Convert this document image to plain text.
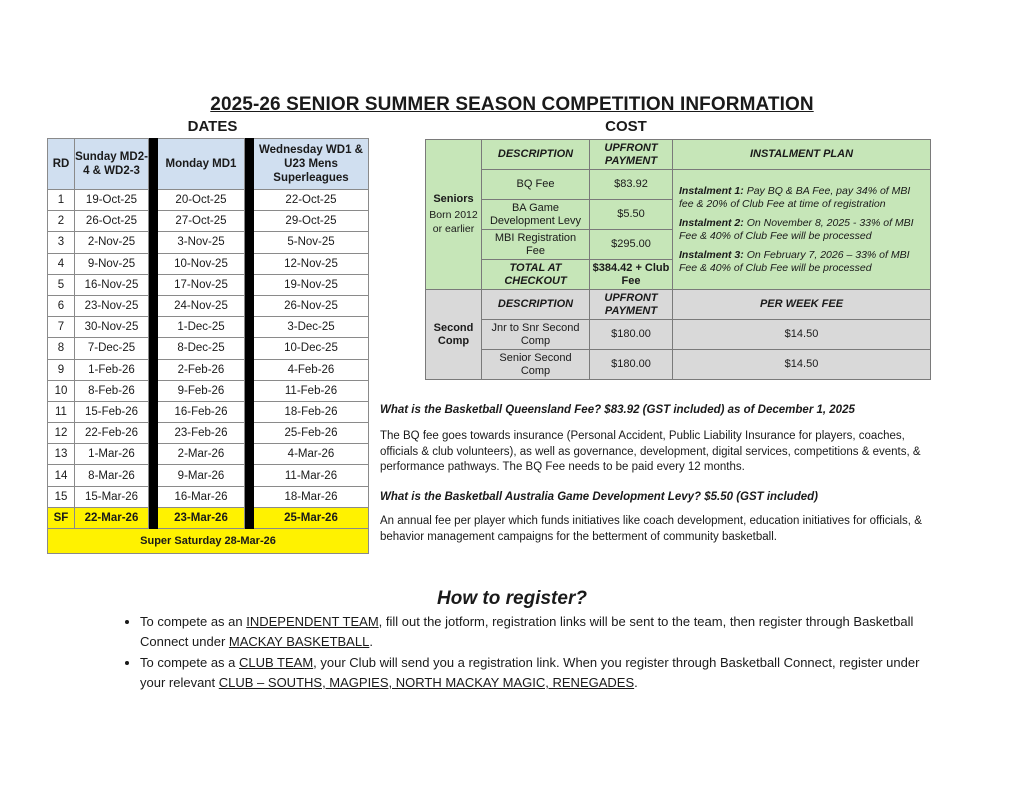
2025-26 SENIOR SUMMER SEASON COMPETITION INFORMATION
DATES	COST
RD	Sunday MD2-4 & WD2-3		Monday MD1		Wednesday WD1 & U23 Mens Superleagues
1	19-Oct-25		20-Oct-25		22-Oct-25
2	26-Oct-25		27-Oct-25		29-Oct-25
3	2-Nov-25		3-Nov-25		5-Nov-25
4	9-Nov-25		10-Nov-25		12-Nov-25
5	16-Nov-25		17-Nov-25		19-Nov-25
6	23-Nov-25		24-Nov-25		26-Nov-25
7	30-Nov-25		1-Dec-25		3-Dec-25
8	7-Dec-25		8-Dec-25		10-Dec-25
9	1-Feb-26		2-Feb-26		4-Feb-26
10	8-Feb-26		9-Feb-26		11-Feb-26
11	15-Feb-26		16-Feb-26		18-Feb-26
12	22-Feb-26		23-Feb-26		25-Feb-26
13	1-Mar-26		2-Mar-26		4-Mar-26
14	8-Mar-26		9-Mar-26		11-Mar-26
15	15-Mar-26		16-Mar-26		18-Mar-26
SF	22-Mar-26		23-Mar-26		25-Mar-26
Super Saturday 28-Mar-26					
Seniors
Born 2012 or earlier	DESCRIPTION	UPFRONT PAYMENT	INSTALMENT PLAN
	BQ Fee	$83.92	Instalment 1: Pay BQ & BA Fee, pay 34% of MBI fee & 20% of Club Fee at time of registration

Instalment 2: On November 8, 2025 - 33% of MBI Fee & 40% of Club Fee will be processed

Instalment 3: On February 7, 2026 – 33% of MBI Fee & 40% of Club Fee will be processed

	BA Game Development Levy	$5.50	
	MBI Registration Fee	$295.00	
	TOTAL AT CHECKOUT	$384.42 + Club Fee	
Second Comp	DESCRIPTION	UPFRONT PAYMENT	PER WEEK FEE
	Jnr to Snr Second Comp	$180.00	$14.50
	Senior Second Comp	$180.00	$14.50
What is the Basketball Queensland Fee? $83.92 (GST included) as of December 1, 2025
The BQ fee goes towards insurance (Personal Accident, Public Liability Insurance for players, coaches, officials & club volunteers), as well as governance, development, digital services, competitions & events, & performance pathways. The BQ Fee needs to be paid every 12 months.
What is the Basketball Australia Game Development Levy? $5.50 (GST included)
An annual fee per player which funds initiatives like coach development, education initiatives for officials, & behavior management campaigns for the betterment of community basketball.
How to register?
• To compete as an INDEPENDENT TEAM, fill out the jotform, registration links will be sent to the team, then register through Basketball Connect under MACKAY BASKETBALL.
• To compete as a CLUB TEAM, your Club will send you a registration link. When you register through Basketball Connect, register under your relevant CLUB – SOUTHS, MAGPIES, NORTH MACKAY MAGIC, RENEGADES.
